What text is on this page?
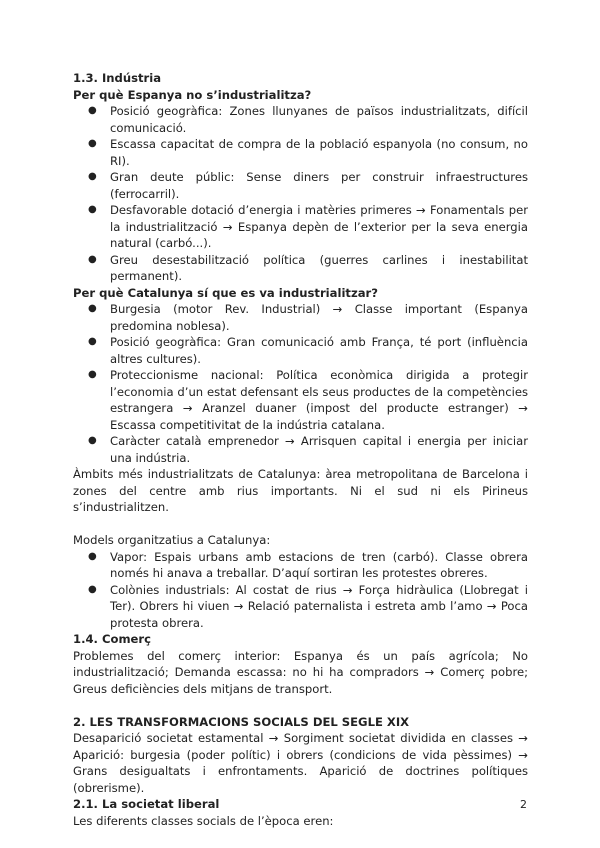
1.3. Indústria

Per què Espanya no s’industrialitza?

● Posició geogràfica: Zones llunyanes de països industrialitzats, difícil comunicació.
● Escassa capacitat de compra de la població espanyola (no consum, no RI).
● Gran deute públic: Sense diners per construir infraestructures (ferrocarril).
● Desfavorable dotació d’energia i matèries primeres → Fonamentals per la industrialització → Espanya depèn de l’exterior per la seva energia natural (carbó...).
● Greu desestabilització política (guerres carlines i inestabilitat permanent).

Per què Catalunya sí que es va industrialitzar?

● Burgesia (motor Rev. Industrial) → Classe important (Espanya predomina noblesa).
● Posició geogràfica: Gran comunicació amb França, té port (influència altres cultures).
● Proteccionisme nacional: Política econòmica dirigida a protegir l’economia d’un estat defensant els seus productes de la competències estrangera → Aranzel duaner (impost del producte estranger) → Escassa competitivitat de la indústria catalana.
● Caràcter català emprenedor → Arrisquen capital i energia per iniciar una indústria.

Àmbits més industrialitzats de Catalunya: àrea metropolitana de Barcelona i zones del centre amb rius importants. Ni el sud ni els Pirineus s’industrialitzen.

Models organitzatius a Catalunya:

● Vapor: Espais urbans amb estacions de tren (carbó). Classe obrera només hi anava a treballar. D’aquí sortiran les protestes obreres.
● Colònies industrials: Al costat de rius → Força hidràulica (Llobregat i Ter). Obrers hi viuen → Relació paternalista i estreta amb l’amo → Poca protesta obrera.

1.4. Comerç

Problemes del comerç interior: Espanya és un país agrícola; No industrialització; Demanda escassa: no hi ha compradors → Comerç pobre; Greus deficiències dels mitjans de transport.

2. LES TRANSFORMACIONS SOCIALS DEL SEGLE XIX

Desaparició societat estamental → Sorgiment societat dividida en classes → Aparició: burgesia (poder polític) i obrers (condicions de vida pèssimes) → Grans desigualtats i enfrontaments. Aparició de doctrines polítiques (obrerisme).

2.1. La societat liberal

Les diferents classes socials de l’època eren:

2
